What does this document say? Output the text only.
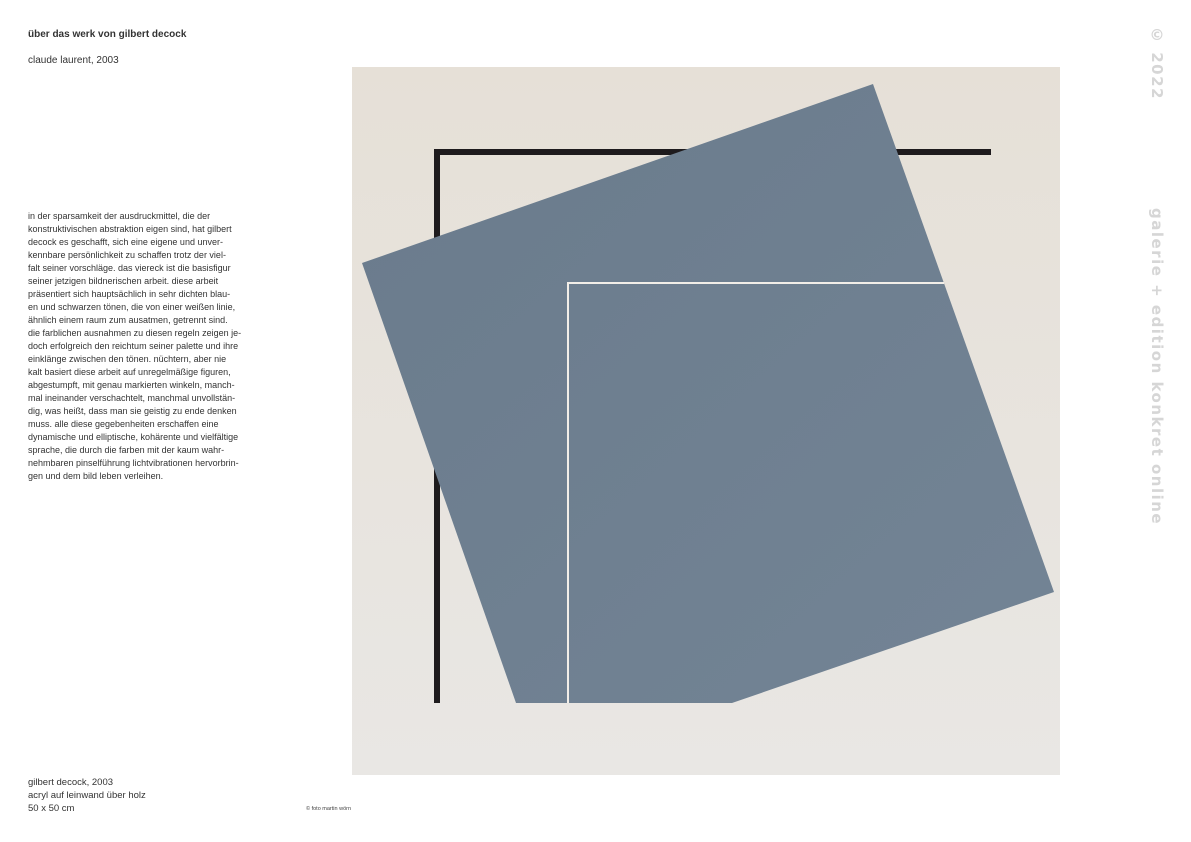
über das werk von gilbert decock
claude laurent, 2003
in der sparsamkeit der ausdruckmittel, die der
konstruktivischen abstraktion eigen sind, hat gilbert
decock es geschafft, sich eine eigene und unver-
kennbare persönlichkeit zu schaffen trotz der viel-
falt seiner vorschläge. das viereck ist die basisfigur
seiner jetzigen bildnerischen arbeit. diese arbeit
präsentiert sich hauptsächlich in sehr dichten blau-
en und schwarzen tönen, die von einer weißen linie,
ähnlich einem raum zum ausatmen, getrennt sind.
die farblichen ausnahmen zu diesen regeln zeigen je-
doch erfolgreich den reichtum seiner palette und ihre
einklänge zwischen den tönen. nüchtern, aber nie
kalt basiert diese arbeit auf unregelmäßige figuren,
abgestumpft, mit genau markierten winkeln, manch-
mal ineinander verschachtelt, manchmal unvollstän-
dig, was heißt, dass man sie geistig zu ende denken
muss. alle diese gegebenheiten erschaffen eine
dynamische und elliptische, kohärente und vielfältige
sprache, die durch die farben mit der kaum wahr-
nehmbaren pinselführung lichtvibrationen hervorbrin-
gen und dem bild leben verleihen.
gilbert decock, 2003
acryl auf leinwand über holz
50 x 50 cm	© foto martin wörn
© 2022
galerie + edition konkret online
